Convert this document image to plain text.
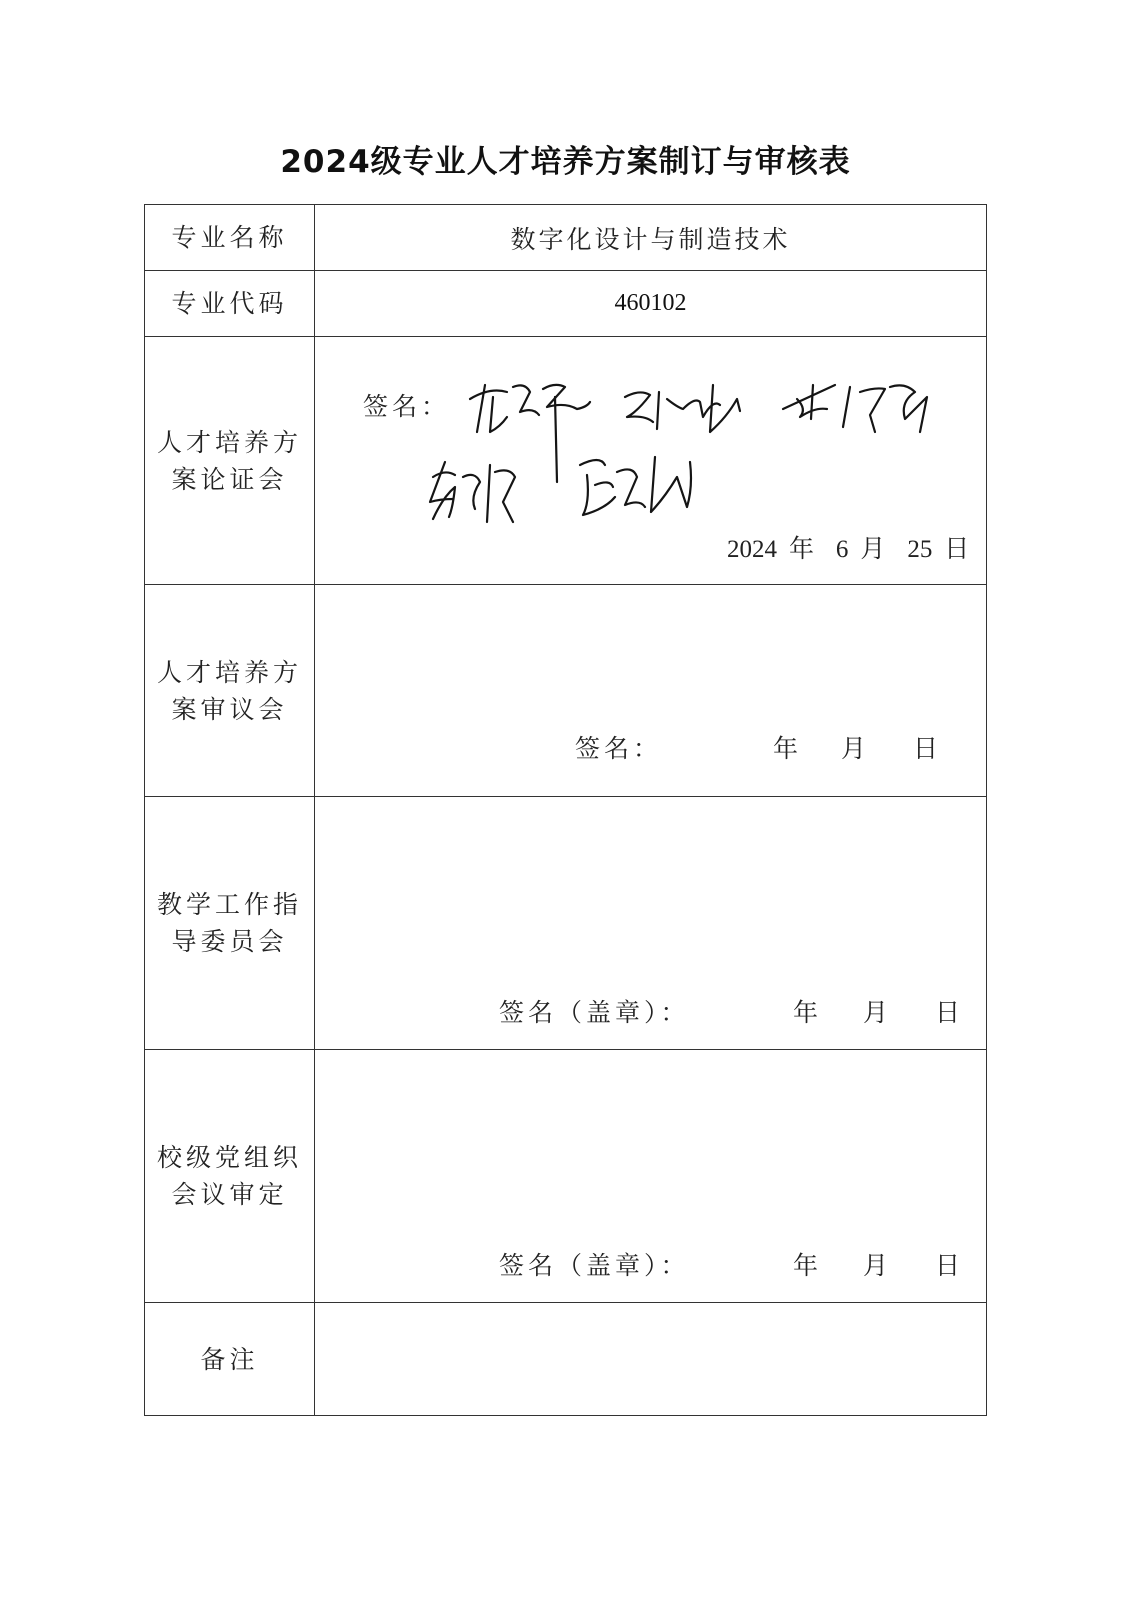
2024级专业人才培养方案制订与审核表
专业名称	数字化设计与制造技术

专业代码	460102

人才培养方
案论证会	签名：
2024 年 6 月 25 日

人才培养方
案审议会	签名： 年 月 日

教学工作指
导委员会	签名（盖章）： 年 月 日

校级党组织
会议审定	签名（盖章）： 年 月 日

备注	
